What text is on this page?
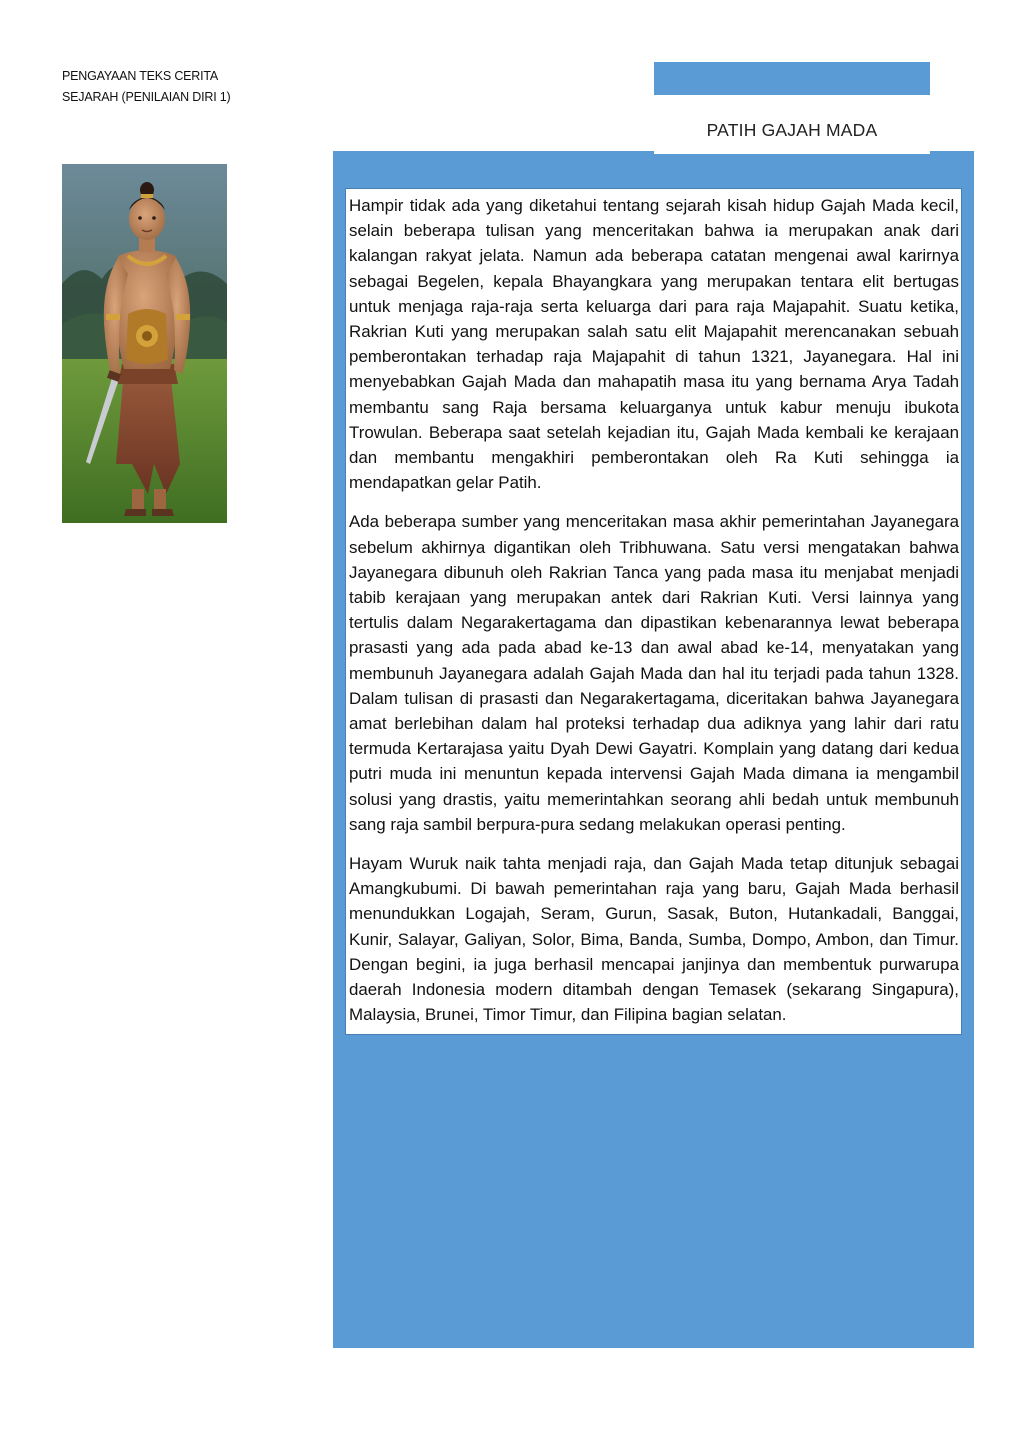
PENGAYAAN TEKS CERITA
SEJARAH (PENILAIAN DIRI 1)
PATIH GAJAH MADA

Hampir tidak ada yang diketahui tentang sejarah kisah hidup Gajah Mada kecil, selain beberapa tulisan yang menceritakan bahwa ia merupakan anak dari kalangan rakyat jelata. Namun ada beberapa catatan mengenai awal karirnya sebagai Begelen, kepala Bhayangkara yang merupakan tentara elit bertugas untuk menjaga raja-raja serta keluarga dari para raja Majapahit. Suatu ketika, Rakrian Kuti yang merupakan salah satu elit Majapahit merencanakan sebuah pemberontakan terhadap raja Majapahit di tahun 1321, Jayanegara. Hal ini menyebabkan Gajah Mada dan mahapatih masa itu yang bernama Arya Tadah membantu sang Raja bersama keluarganya untuk kabur menuju ibukota Trowulan. Beberapa saat setelah kejadian itu, Gajah Mada kembali ke kerajaan dan membantu mengakhiri pemberontakan oleh Ra Kuti sehingga ia mendapatkan gelar Patih.

Ada beberapa sumber yang menceritakan masa akhir pemerintahan Jayanegara sebelum akhirnya digantikan oleh Tribhuwana. Satu versi mengatakan bahwa Jayanegara dibunuh oleh Rakrian Tanca yang pada masa itu menjabat menjadi tabib kerajaan yang merupakan antek dari Rakrian Kuti. Versi lainnya yang tertulis dalam Negarakertagama dan dipastikan kebenarannya lewat beberapa prasasti yang ada pada abad ke-13 dan awal abad ke-14, menyatakan yang membunuh Jayanegara adalah Gajah Mada dan hal itu terjadi pada tahun 1328. Dalam tulisan di prasasti dan Negarakertagama, diceritakan bahwa Jayanegara amat berlebihan dalam hal proteksi terhadap dua adiknya yang lahir dari ratu termuda Kertarajasa yaitu Dyah Dewi Gayatri. Komplain yang datang dari kedua putri muda ini menuntun kepada intervensi Gajah Mada dimana ia mengambil solusi yang drastis, yaitu memerintahkan seorang ahli bedah untuk membunuh sang raja sambil berpura-pura sedang melakukan operasi penting.

Hayam Wuruk naik tahta menjadi raja, dan Gajah Mada tetap ditunjuk sebagai Amangkubumi. Di bawah pemerintahan raja yang baru, Gajah Mada berhasil menundukkan Logajah, Seram, Gurun, Sasak, Buton, Hutankadali, Banggai, Kunir, Salayar, Galiyan, Solor, Bima, Banda, Sumba, Dompo, Ambon, dan Timur. Dengan begini, ia juga berhasil mencapai janjinya dan membentuk purwarupa daerah Indonesia modern ditambah dengan Temasek (sekarang Singapura), Malaysia, Brunei, Timor Timur, dan Filipina bagian selatan.
